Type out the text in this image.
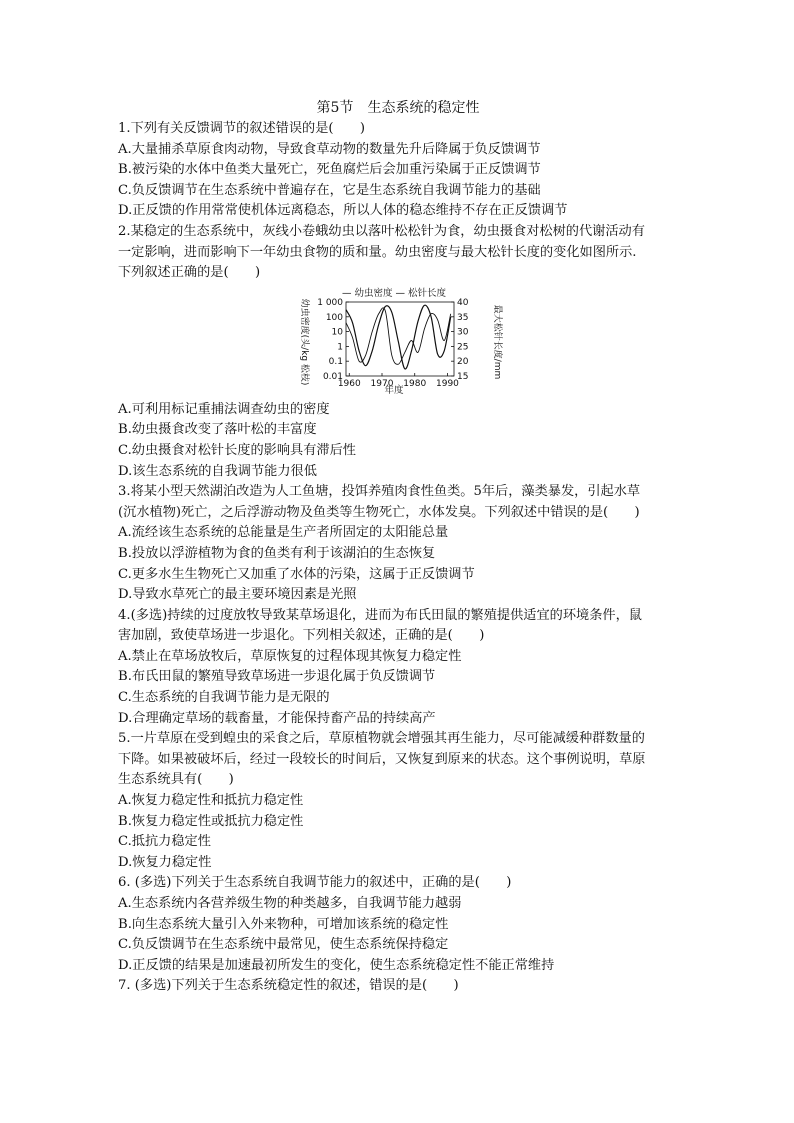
第5节　生态系统的稳定性
1.下列有关反馈调节的叙述错误的是(　　)
A.大量捕杀草原食肉动物，导致食草动物的数量先升后降属于负反馈调节
B.被污染的水体中鱼类大量死亡，死鱼腐烂后会加重污染属于正反馈调节
C.负反馈调节在生态系统中普遍存在，它是生态系统自我调节能力的基础
D.正反馈的作用常常使机体远离稳态，所以人体的稳态维持不存在正反馈调节
2.某稳定的生态系统中，灰线小卷蛾幼虫以落叶松松针为食，幼虫摄食对松树的代谢活动有
一定影响，进而影响下一年幼虫食物的质和量。幼虫密度与最大松针长度的变化如图所示.
下列叙述正确的是(　　)
— 幼虫密度 — 松针长度
1 000
100
10
1
0.1
0.01
40
35
30
25
20
15
1960 1970 1980 1990
年度
幼虫密度(头/kg 松枝)	最大松针长度/mm
A.可利用标记重捕法调查幼虫的密度
B.幼虫摄食改变了落叶松的丰富度
C.幼虫摄食对松针长度的影响具有滞后性
D.该生态系统的自我调节能力很低
3.将某小型天然湖泊改造为人工鱼塘，投饵养殖肉食性鱼类。5年后，藻类暴发，引起水草
(沉水植物)死亡，之后浮游动物及鱼类等生物死亡，水体发臭。下列叙述中错误的是(　　)
A.流经该生态系统的总能量是生产者所固定的太阳能总量
B.投放以浮游植物为食的鱼类有利于该湖泊的生态恢复
C.更多水生生物死亡又加重了水体的污染，这属于正反馈调节
D.导致水草死亡的最主要环境因素是光照
4.(多选)持续的过度放牧导致某草场退化，进而为布氏田鼠的繁殖提供适宜的环境条件，鼠
害加剧，致使草场进一步退化。下列相关叙述，正确的是(　　)
A.禁止在草场放牧后，草原恢复的过程体现其恢复力稳定性
B.布氏田鼠的繁殖导致草场进一步退化属于负反馈调节
C.生态系统的自我调节能力是无限的
D.合理确定草场的载畜量，才能保持畜产品的持续高产
5.一片草原在受到蝗虫的采食之后，草原植物就会增强其再生能力，尽可能减缓种群数量的
下降。如果被破坏后，经过一段较长的时间后，又恢复到原来的状态。这个事例说明，草原
生态系统具有(　　)
A.恢复力稳定性和抵抗力稳定性
B.恢复力稳定性或抵抗力稳定性
C.抵抗力稳定性
D.恢复力稳定性
6. (多选)下列关于生态系统自我调节能力的叙述中，正确的是(　　)
A.生态系统内各营养级生物的种类越多，自我调节能力越弱
B.向生态系统大量引入外来物种，可增加该系统的稳定性
C.负反馈调节在生态系统中最常见，使生态系统保持稳定
D.正反馈的结果是加速最初所发生的变化，使生态系统稳定性不能正常维持
7. (多选)下列关于生态系统稳定性的叙述，错误的是(　　)
